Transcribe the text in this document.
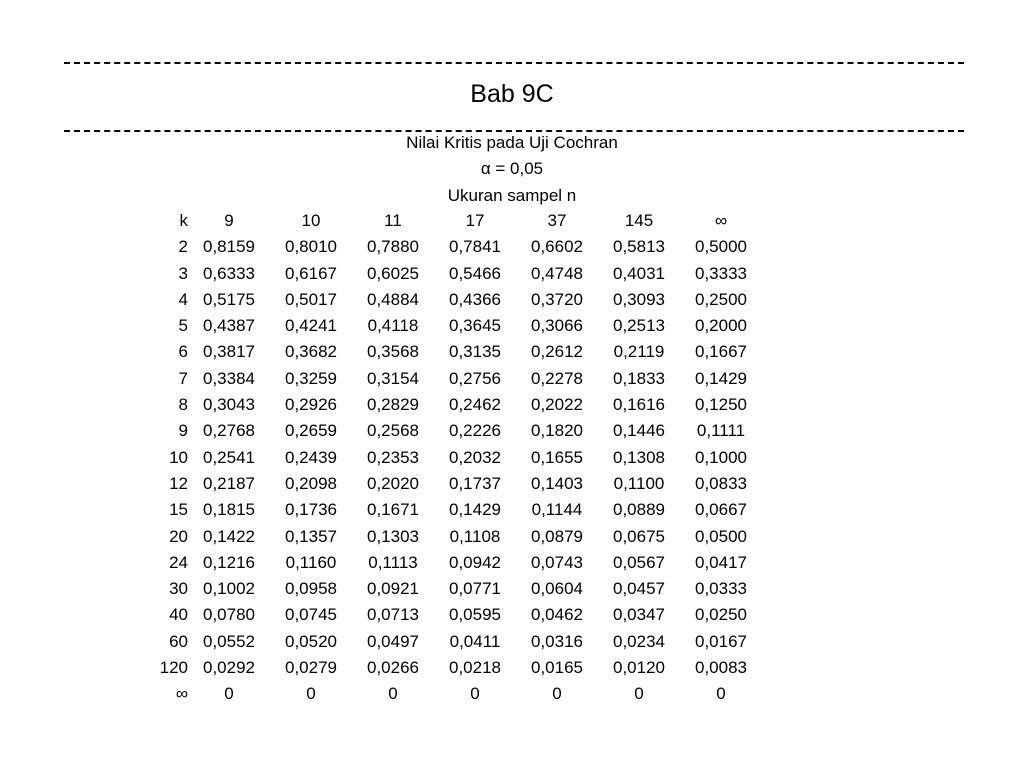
Bab 9C
Nilai Kritis pada Uji Cochran
α = 0,05
Ukuran sampel n
k	9	10	11	17	37	145	∞
2	0,8159	0,8010	0,7880	0,7841	0,6602	0,5813	0,5000
3	0,6333	0,6167	0,6025	0,5466	0,4748	0,4031	0,3333
4	0,5175	0,5017	0,4884	0,4366	0,3720	0,3093	0,2500
5	0,4387	0,4241	0,4118	0,3645	0,3066	0,2513	0,2000
6	0,3817	0,3682	0,3568	0,3135	0,2612	0,2119	0,1667
7	0,3384	0,3259	0,3154	0,2756	0,2278	0,1833	0,1429
8	0,3043	0,2926	0,2829	0,2462	0,2022	0,1616	0,1250
9	0,2768	0,2659	0,2568	0,2226	0,1820	0,1446	0,1111
10	0,2541	0,2439	0,2353	0,2032	0,1655	0,1308	0,1000
12	0,2187	0,2098	0,2020	0,1737	0,1403	0,1100	0,0833
15	0,1815	0,1736	0,1671	0,1429	0,1144	0,0889	0,0667
20	0,1422	0,1357	0,1303	0,1108	0,0879	0,0675	0,0500
24	0,1216	0,1160	0,1113	0,0942	0,0743	0,0567	0,0417
30	0,1002	0,0958	0,0921	0,0771	0,0604	0,0457	0,0333
40	0,0780	0,0745	0,0713	0,0595	0,0462	0,0347	0,0250
60	0,0552	0,0520	0,0497	0,0411	0,0316	0,0234	0,0167
120	0,0292	0,0279	0,0266	0,0218	0,0165	0,0120	0,0083
∞	0	0	0	0	0	0	0
